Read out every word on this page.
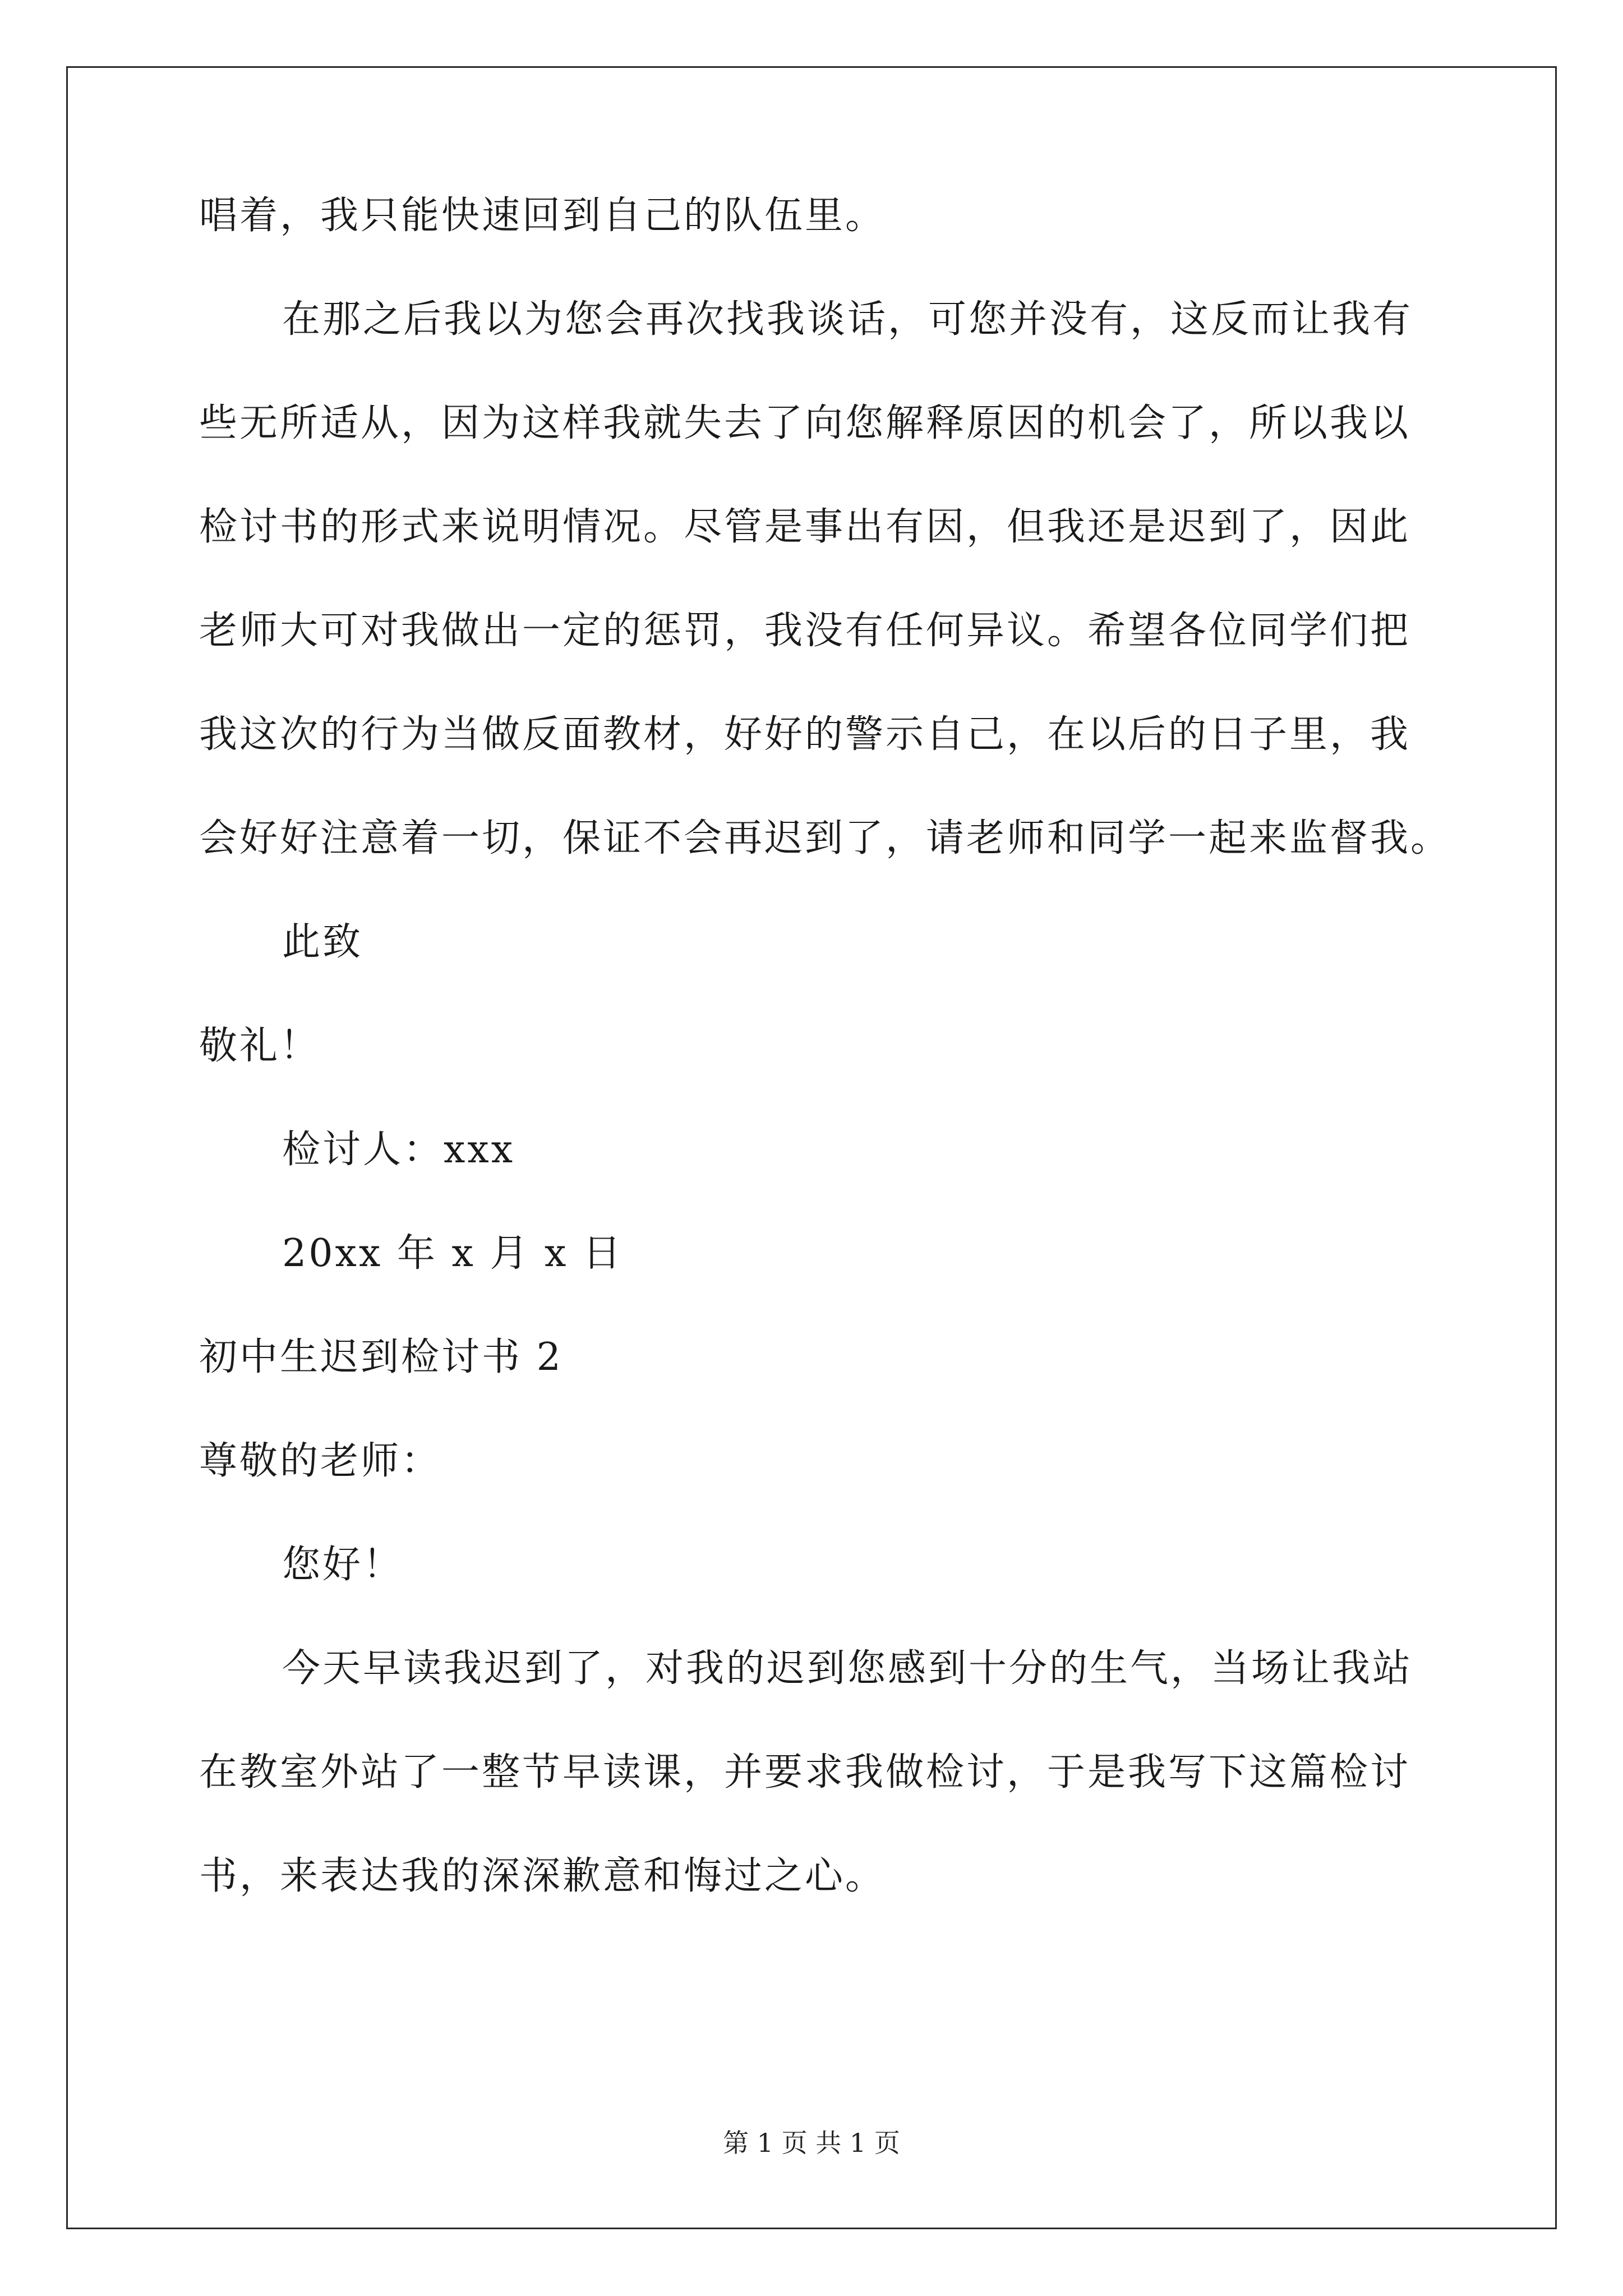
唱着，我只能快速回到自己的队伍里。
在那之后我以为您会再次找我谈话，可您并没有，这反而让我有
些无所适从，因为这样我就失去了向您解释原因的机会了，所以我以
检讨书的形式来说明情况。尽管是事出有因，但我还是迟到了，因此
老师大可对我做出一定的惩罚，我没有任何异议。希望各位同学们把
我这次的行为当做反面教材，好好的警示自己，在以后的日子里，我
会好好注意着一切，保证不会再迟到了，请老师和同学一起来监督我。
此致
敬礼！
检讨人：xxx
20xx 年 x 月 x 日
初中生迟到检讨书 2
尊敬的老师：
您好！
今天早读我迟到了，对我的迟到您感到十分的生气，当场让我站
在教室外站了一整节早读课，并要求我做检讨，于是我写下这篇检讨
书，来表达我的深深歉意和悔过之心。
第 1 页 共 1 页
